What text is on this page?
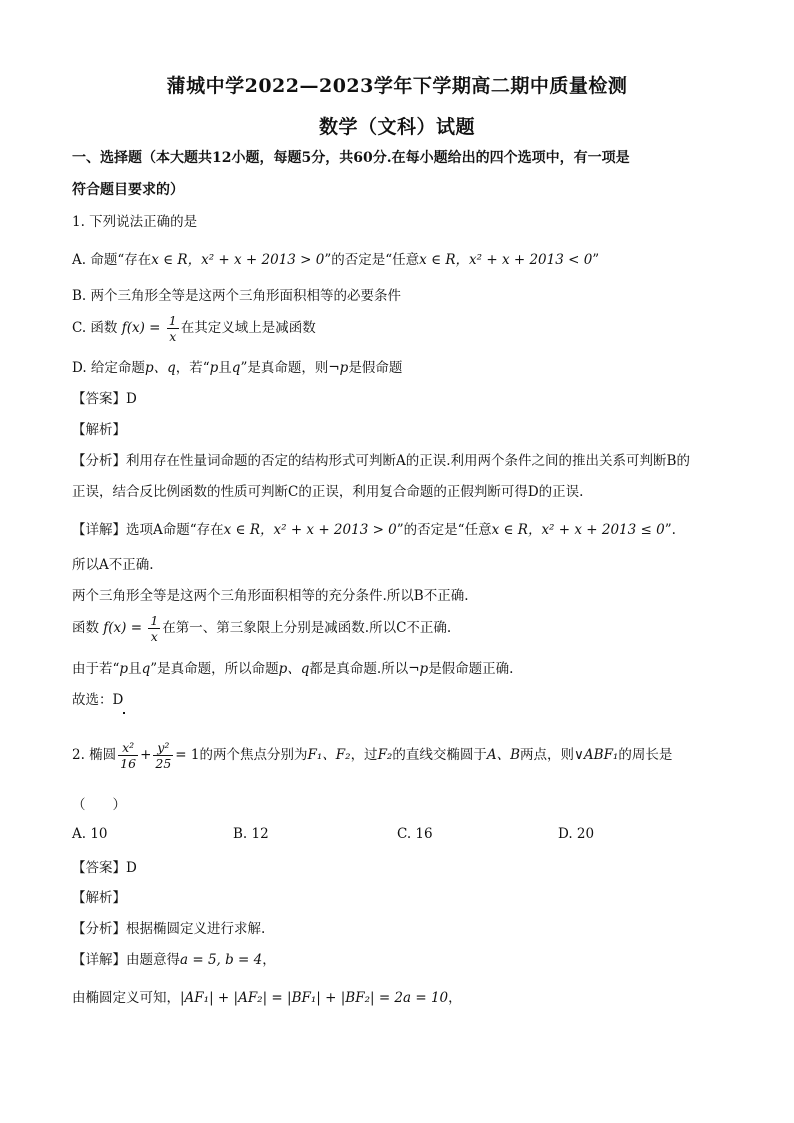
蒲城中学2022—2023学年下学期高二期中质量检测
数学（文科）试题
一、选择题（本大题共12小题，每题5分，共60分.在每小题给出的四个选项中，有一项是
符合题目要求的）
1. 下列说法正确的是
A. 命题“存在x ∈ R，x² + x + 2013 > 0”的否定是“任意x ∈ R，x² + x + 2013 < 0”
B. 两个三角形全等是这两个三角形面积相等的必要条件
C. 函数 $f(x) = \frac{1}{x}$ 在其定义域上是减函数
D. 给定命题p、q，若“p且q”是真命题，则¬p是假命题
【答案】D
【解析】
【分析】利用存在性量词命题的否定的结构形式可判断A的正误.利用两个条件之间的推出关系可判断B的
正误，结合反比例函数的性质可判断C的正误，利用复合命题的正假判断可得D的正误.
【详解】选项A命题“存在x ∈ R，x² + x + 2013 > 0”的否定是“任意x ∈ R，x² + x + 2013 ≤ 0”.
所以A不正确.
两个三角形全等是这两个三角形面积相等的充分条件.所以B不正确.
函数 $f(x) = \frac{1}{x}$ 在第一、第三象限上分别是减函数.所以C不正确.
由于若“p且q”是真命题，所以命题p、q都是真命题.所以¬p是假命题正确.
故选：D
2. 椭圆 $\frac{\text{x²}}{16} + \frac{\text{y²}}{25} = 1$的两个焦点分别为F₁、F₂，过F₂的直线交椭圆于A、B两点，则∨ABF₁的周长是
（　　）
A. 10	B. 12	C. 16	D. 20
【答案】D
【解析】
【分析】根据椭圆定义进行求解.
【详解】由题意得a = 5, b = 4，
由椭圆定义可知，|AF₁| + |AF₂| = |BF₁| + |BF₂| = 2a = 10，
